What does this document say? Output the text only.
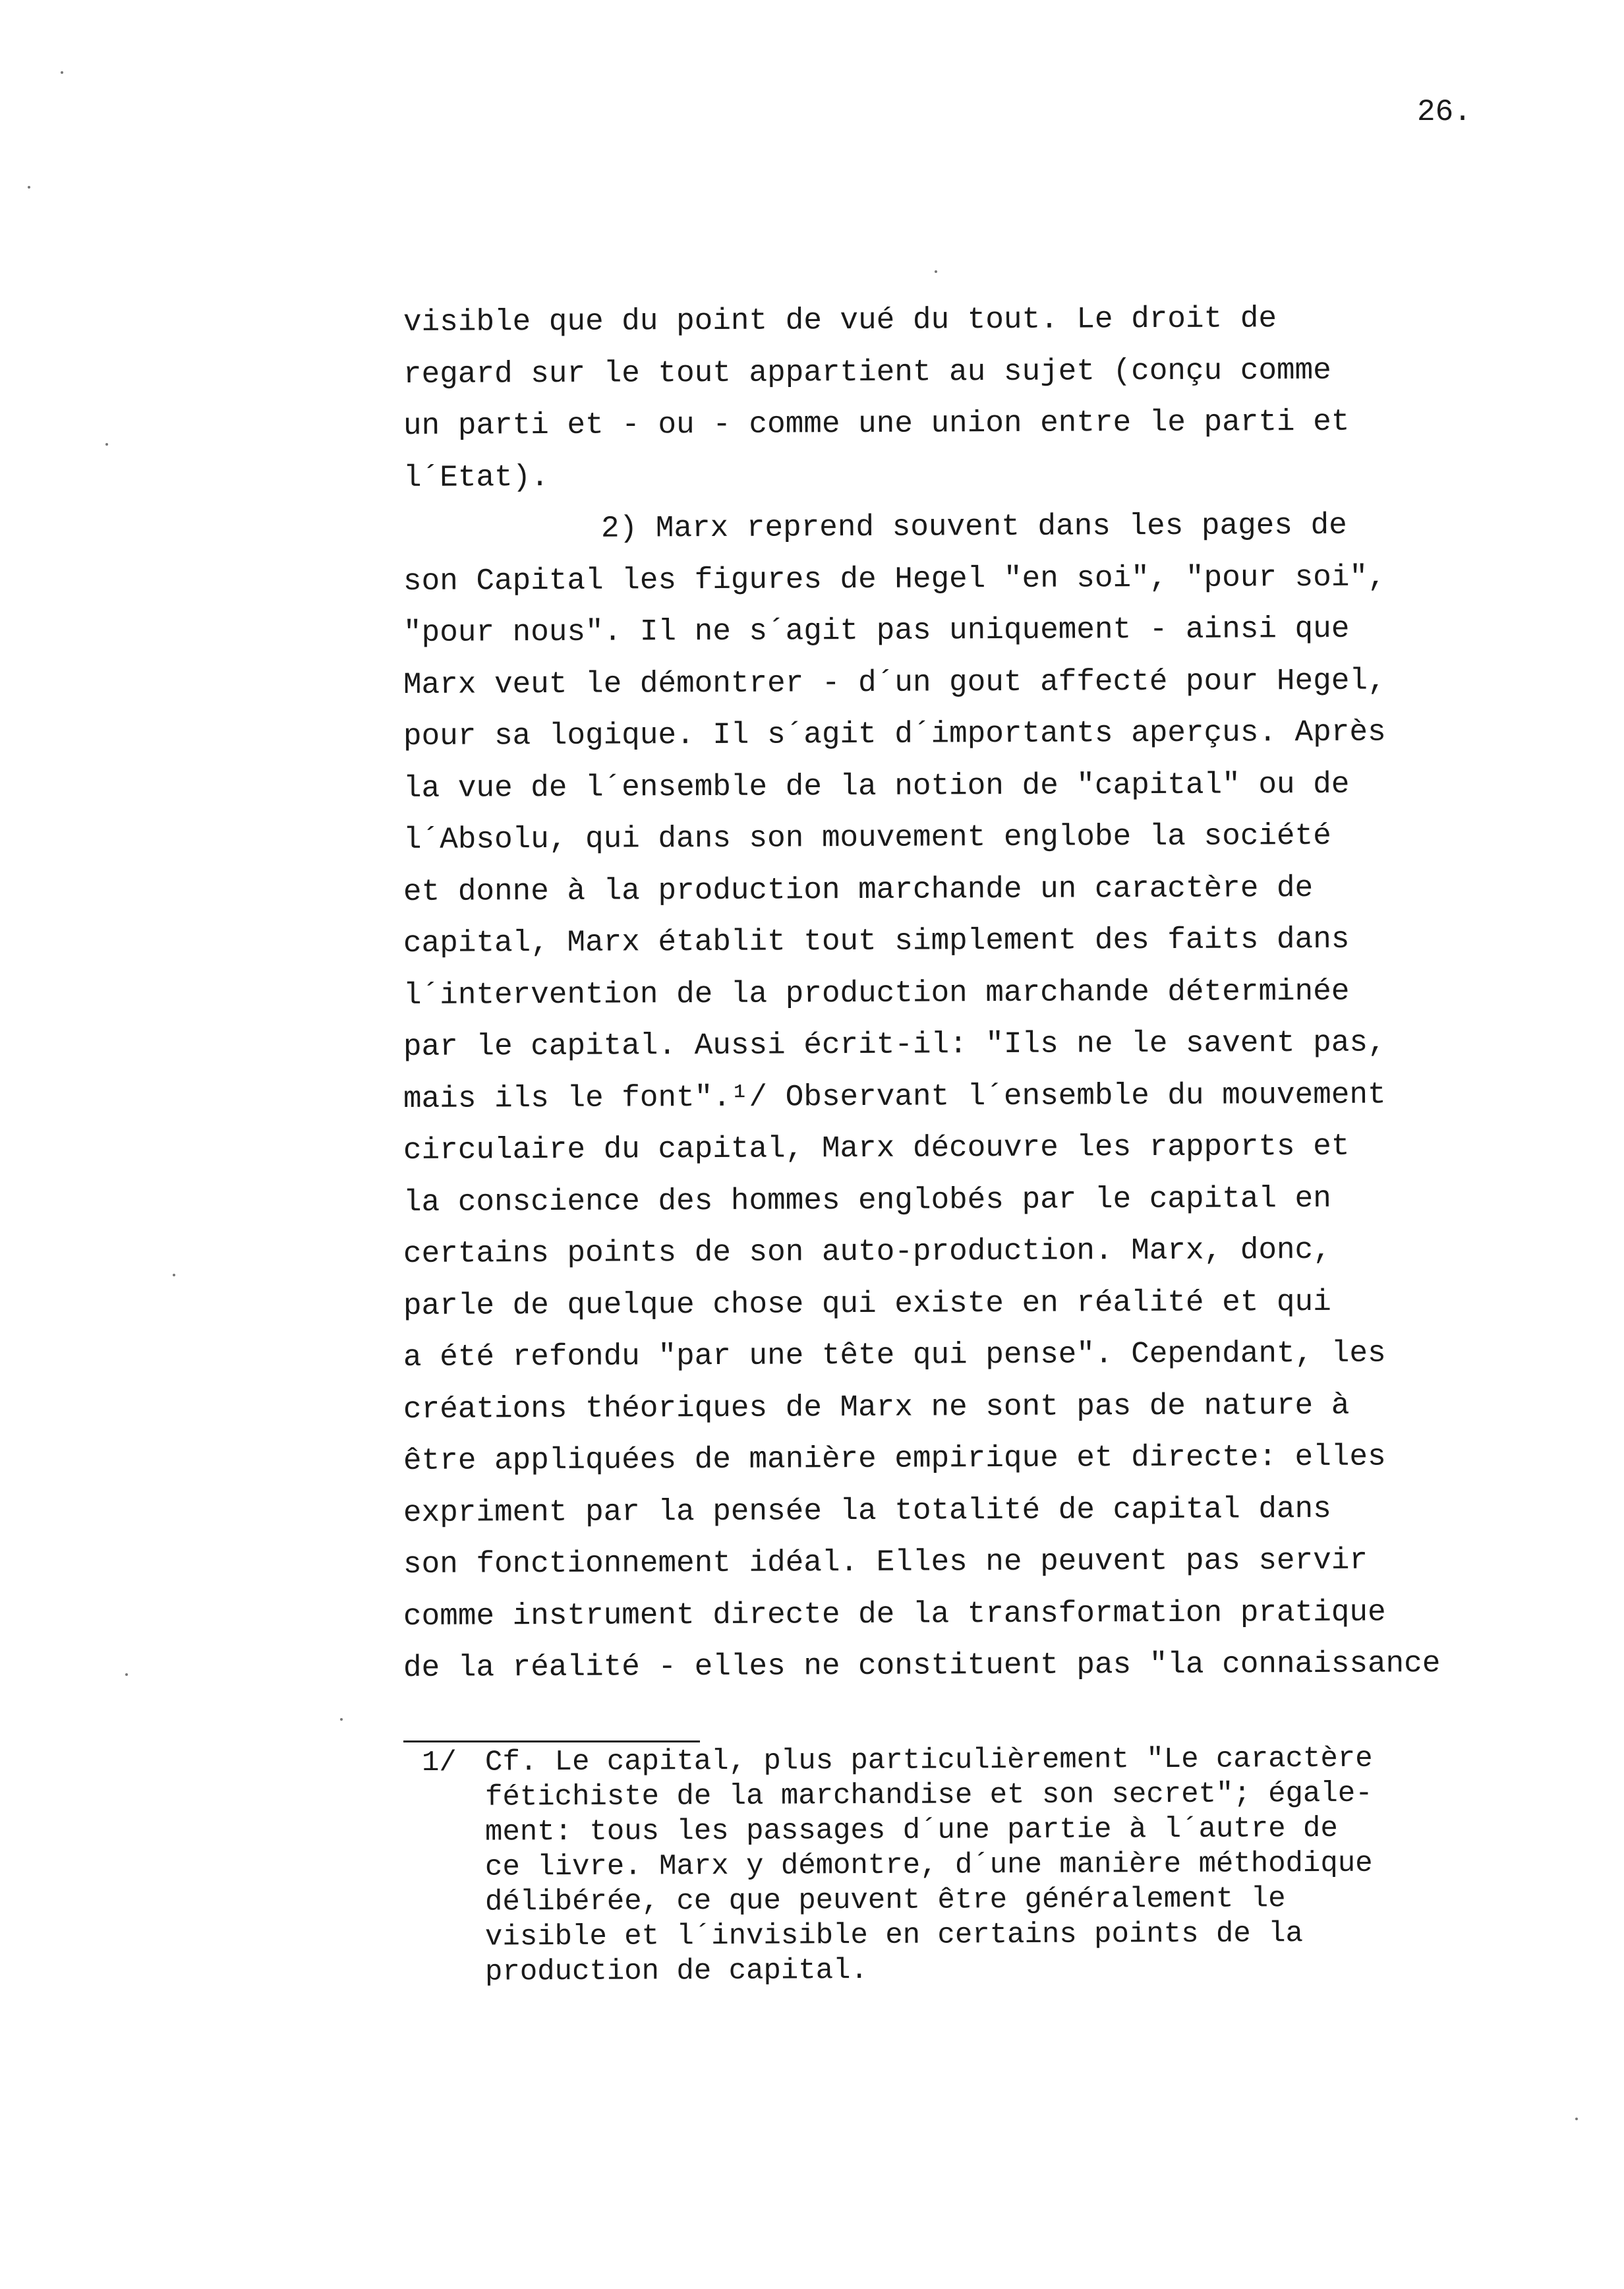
26.
visible que du point de vué du tout. Le droit de
regard sur le tout appartient au sujet (conçu comme
un parti et - ou - comme une union entre le parti et
l´Etat).
2) Marx reprend souvent dans les pages de
son Capital les figures de Hegel "en soi", "pour soi",
"pour nous". Il ne s´agit pas uniquement - ainsi que
Marx veut le démontrer - d´un gout affecté pour Hegel,
pour sa logique. Il s´agit d´importants aperçus. Après
la vue de l´ensemble de la notion de "capital" ou de
l´Absolu, qui dans son mouvement englobe la société
et donne à la production marchande un caractère de
capital, Marx établit tout simplement des faits dans
l´intervention de la production marchande déterminée
par le capital. Aussi écrit-il: "Ils ne le savent pas,
mais ils le font".¹/ Observant l´ensemble du mouvement
circulaire du capital, Marx découvre les rapports et
la conscience des hommes englobés par le capital en
certains points de son auto-production. Marx, donc,
parle de quelque chose qui existe en réalité et qui
a été refondu "par une tête qui pense". Cependant, les
créations théoriques de Marx ne sont pas de nature à
être appliquées de manière empirique et directe: elles
expriment par la pensée la totalité de capital dans
son fonctionnement idéal. Elles ne peuvent pas servir
comme instrument directe de la transformation pratique
de la réalité - elles ne constituent pas "la connaissance
1/ Cf. Le capital, plus particulièrement "Le caractère
fétichiste de la marchandise et son secret"; égale-
ment: tous les passages d´une partie à l´autre de
ce livre. Marx y démontre, d´une manière méthodique
délibérée, ce que peuvent être généralement le
visible et l´invisible en certains points de la
production de capital.
